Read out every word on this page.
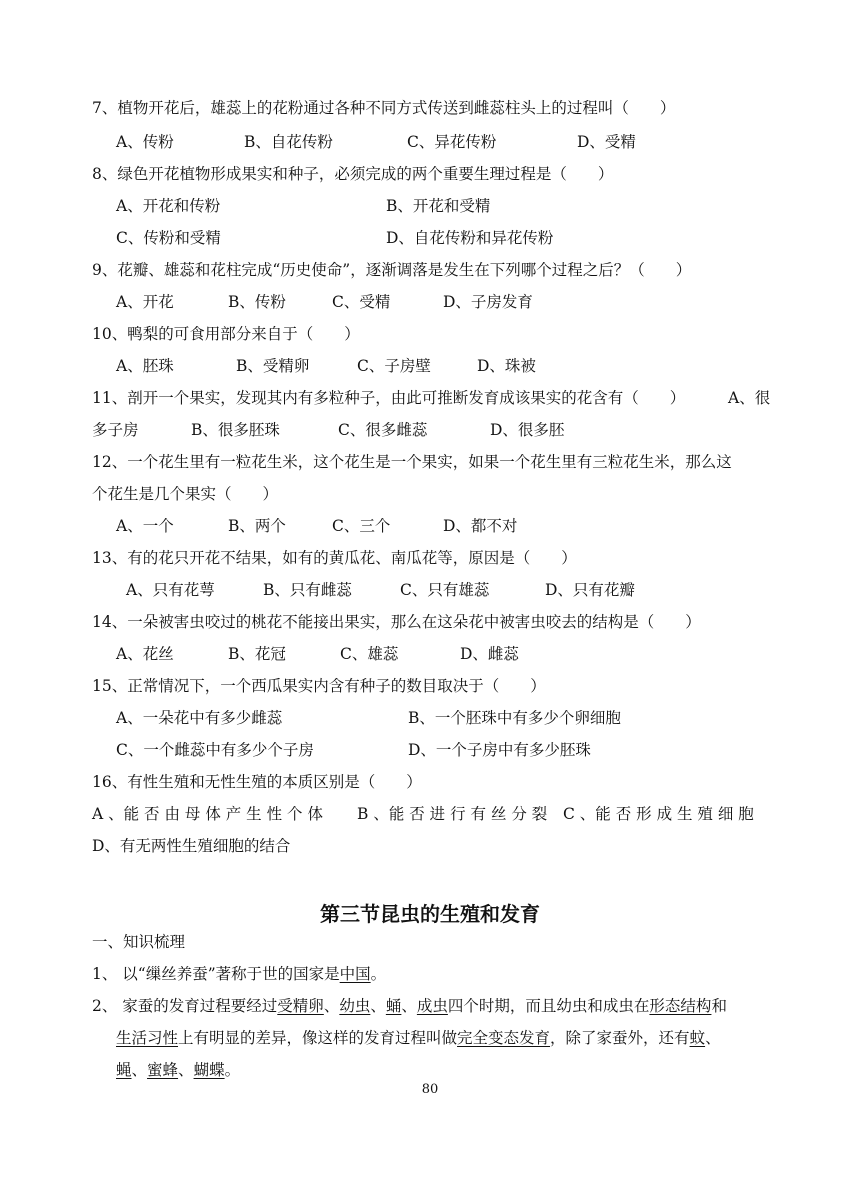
7、植物开花后，雄蕊上的花粉通过各种不同方式传送到雌蕊柱头上的过程叫（　　）
A、传粉	B、自花传粉	C、异花传粉	D、受精
8、绿色开花植物形成果实和种子，必须完成的两个重要生理过程是（　　）
A、开花和传粉	B、开花和受精
C、传粉和受精	D、自花传粉和异花传粉
9、花瓣、雄蕊和花柱完成“历史使命”，逐渐调落是发生在下列哪个过程之后？（　　）
A、开花	B、传粉	C、受精	D、子房发育
10、鸭梨的可食用部分来自于（　　）
A、胚珠	B、受精卵	C、子房壁	D、珠被
11、剖开一个果实，发现其内有多粒种子，由此可推断发育成该果实的花含有（　　）	A、很
多子房	B、很多胚珠	C、很多雌蕊	D、很多胚
12、一个花生里有一粒花生米，这个花生是一个果实，如果一个花生里有三粒花生米，那么这
个花生是几个果实（　　）
A、一个	B、两个	C、三个	D、都不对
13、有的花只开花不结果，如有的黄瓜花、南瓜花等，原因是（　　）
A、只有花萼	B、只有雌蕊	C、只有雄蕊	D、只有花瓣
14、一朵被害虫咬过的桃花不能接出果实，那么在这朵花中被害虫咬去的结构是（　　）
A、花丝	B、花冠	C、雄蕊	D、雌蕊
15、正常情况下，一个西瓜果实内含有种子的数目取决于（　　）
A、一朵花中有多少雌蕊	B、一个胚珠中有多少个卵细胞
C、一个雌蕊中有多少个子房	D、一个子房中有多少胚珠
16、有性生殖和无性生殖的本质区别是（　　）
A 、能 否 由 母 体 产 生 性 个 体 B 、能 否 进 行 有 丝 分 裂 C 、能 否 形 成 生 殖 细 胞
D、有无两性生殖细胞的结合
第三节昆虫的生殖和发育
一、知识梳理
1、 以“缫丝养蚕”著称于世的国家是中国。
2、 家蚕的发育过程要经过受精卵、幼虫、蛹、成虫四个时期，而且幼虫和成虫在形态结构和
生活习性上有明显的差异，像这样的发育过程叫做完全变态发育，除了家蚕外，还有蚊、
蝇、蜜蜂、蝴蝶。
80
